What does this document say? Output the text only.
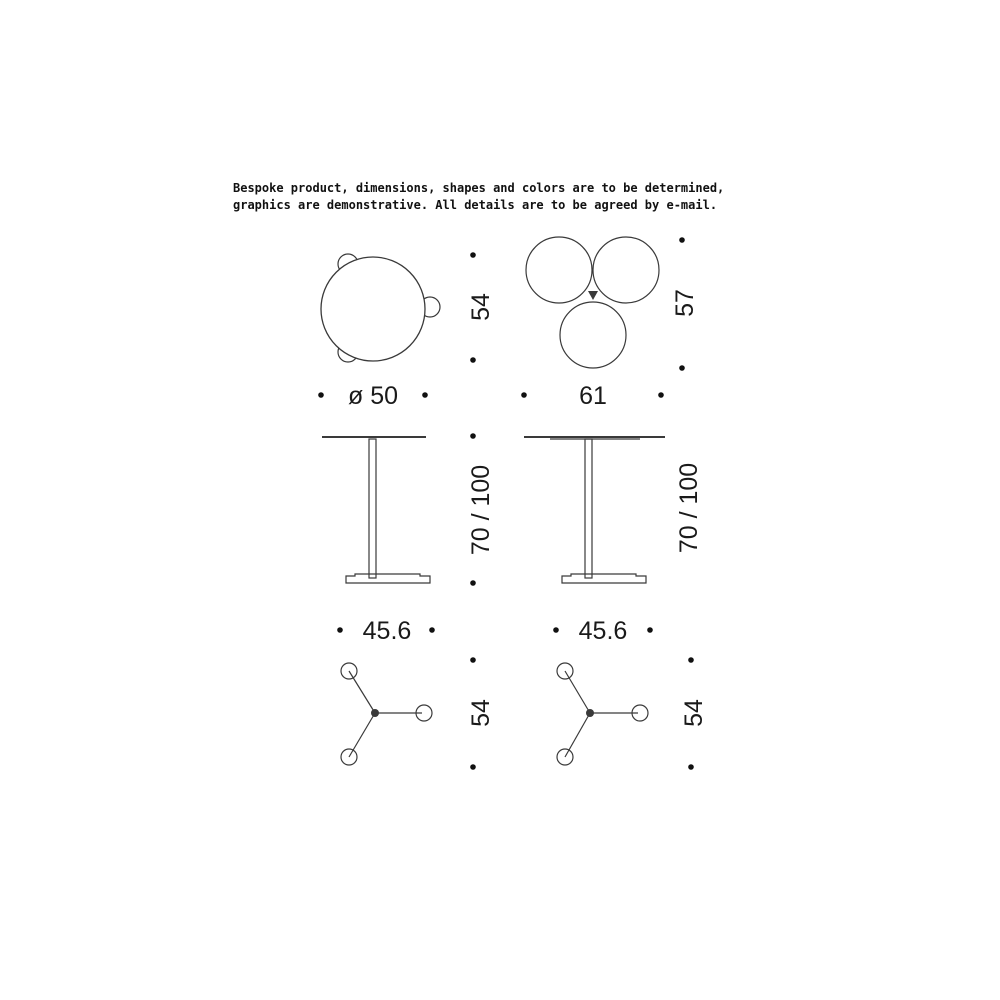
Bespoke product, dimensions, shapes and colors are to be determined,
graphics are demonstrative. All details are to be agreed by e-mail.
54	57
ø 50	61
70 / 100	70 / 100
45.6	45.6
54	54
